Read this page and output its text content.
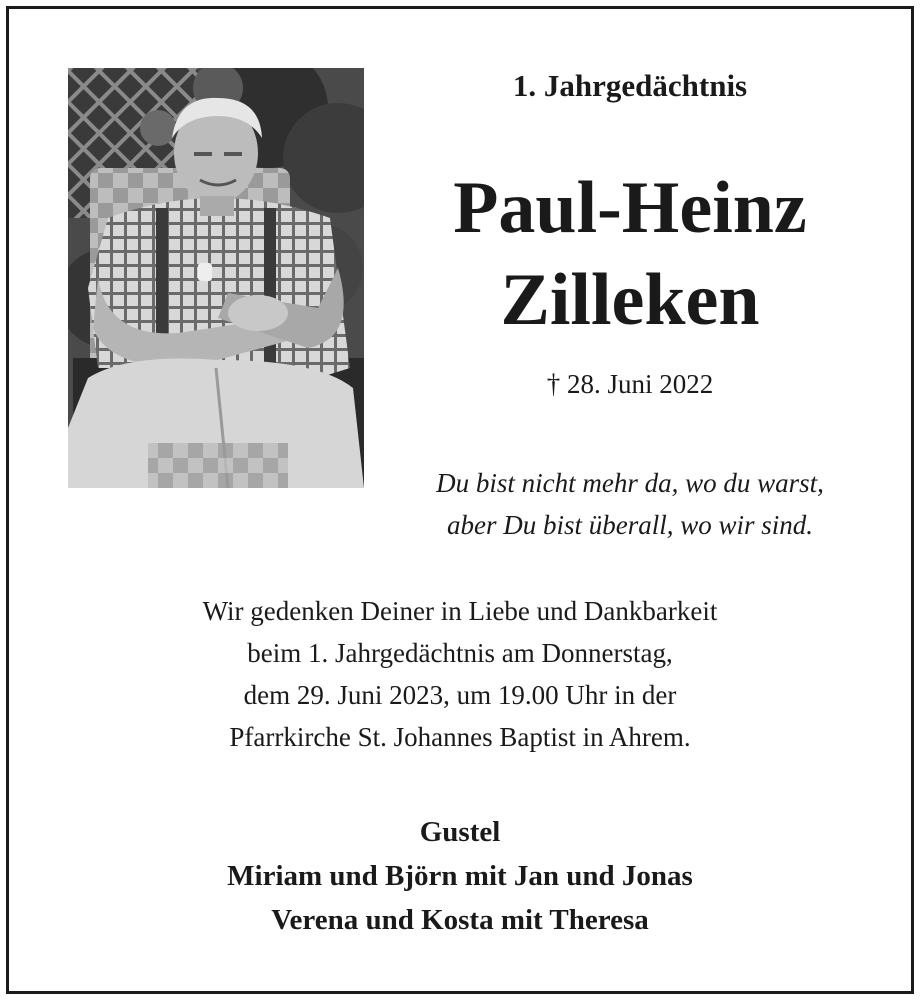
1. Jahrgedächtnis
Paul-Heinz
Zilleken
† 28. Juni 2022
Du bist nicht mehr da, wo du warst,
aber Du bist überall, wo wir sind.
Wir gedenken Deiner in Liebe und Dankbarkeit
beim 1. Jahrgedächtnis am Donnerstag,
dem 29. Juni 2023, um 19.00 Uhr in der
Pfarrkirche St. Johannes Baptist in Ahrem.
Gustel
Miriam und Björn mit Jan und Jonas
Verena und Kosta mit Theresa
